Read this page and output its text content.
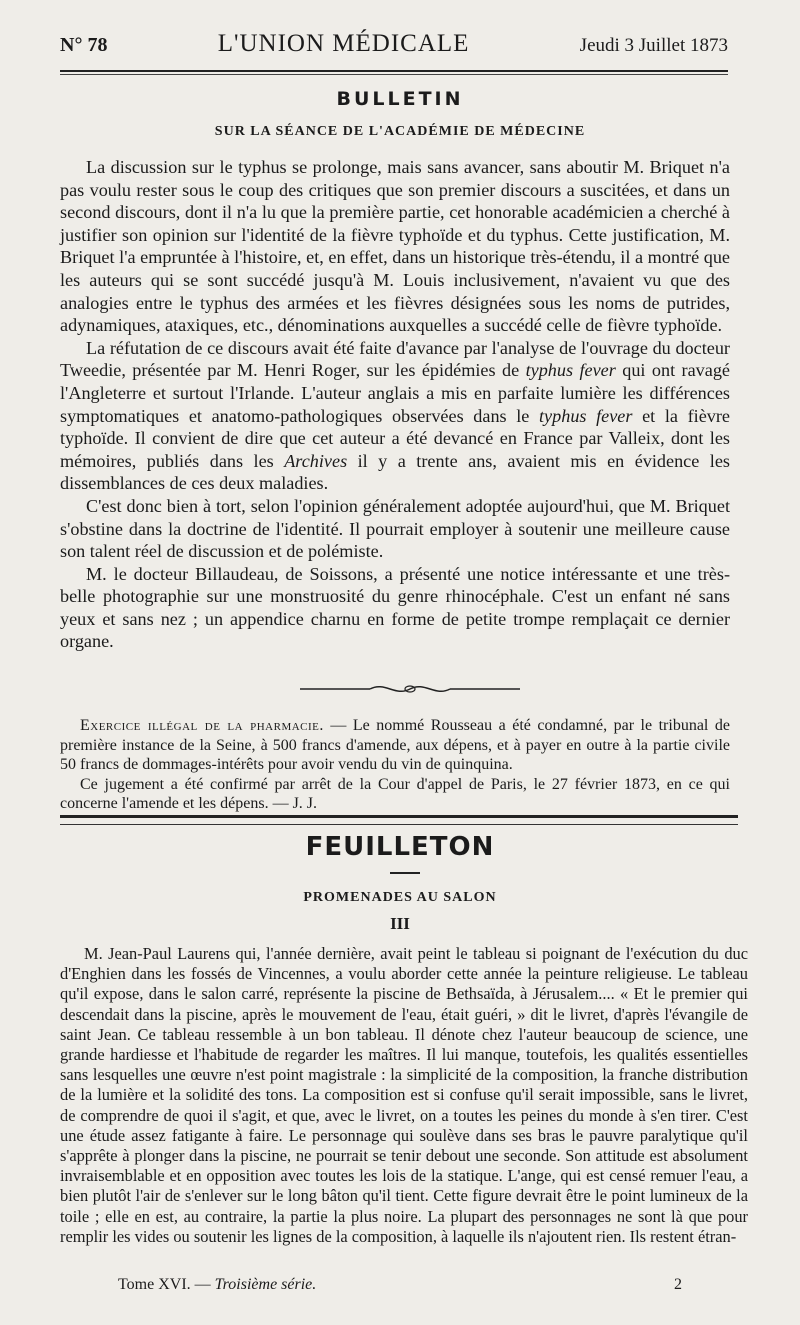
N° 78	L'UNION MÉDICALE	Jeudi 3 Juillet 1873
BULLETIN
SUR LA SÉANCE DE L'ACADÉMIE DE MÉDECINE

La discussion sur le typhus se prolonge, mais sans avancer, sans aboutir M. Briquet n'a pas voulu rester sous le coup des critiques que son premier discours a suscitées, et dans un second discours, dont il n'a lu que la première partie, cet honorable académicien a cherché à justifier son opinion sur l'identité de la fièvre typhoïde et du typhus. Cette justification, M. Briquet l'a empruntée à l'histoire, et, en effet, dans un historique très-étendu, il a montré que les auteurs qui se sont succédé jusqu'à M. Louis inclusivement, n'avaient vu que des analogies entre le typhus des armées et les fièvres désignées sous les noms de putrides, adynamiques, ataxiques, etc., dénominations auxquelles a succédé celle de fièvre typhoïde.

La réfutation de ce discours avait été faite d'avance par l'analyse de l'ouvrage du docteur Tweedie, présentée par M. Henri Roger, sur les épidémies de typhus fever qui ont ravagé l'Angleterre et surtout l'Irlande. L'auteur anglais a mis en parfaite lumière les différences symptomatiques et anatomo-pathologiques observées dans le typhus fever et la fièvre typhoïde. Il convient de dire que cet auteur a été devancé en France par Valleix, dont les mémoires, publiés dans les Archives il y a trente ans, avaient mis en évidence les dissemblances de ces deux maladies.

C'est donc bien à tort, selon l'opinion généralement adoptée aujourd'hui, que M. Briquet s'obstine dans la doctrine de l'identité. Il pourrait employer à soutenir une meilleure cause son talent réel de discussion et de polémiste.

M. le docteur Billaudeau, de Soissons, a présenté une notice intéressante et une très-belle photographie sur une monstruosité du genre rhinocéphale. C'est un enfant né sans yeux et sans nez ; un appendice charnu en forme de petite trompe remplaçait ce dernier organe.

Exercice illégal de la pharmacie. — Le nommé Rousseau a été condamné, par le tribunal de première instance de la Seine, à 500 francs d'amende, aux dépens, et à payer en outre à la partie civile 50 francs de dommages-intérêts pour avoir vendu du vin de quinquina.

Ce jugement a été confirmé par arrêt de la Cour d'appel de Paris, le 27 février 1873, en ce qui concerne l'amende et les dépens. — J. J.

FEUILLETON
PROMENADES AU SALON
III

M. Jean-Paul Laurens qui, l'année dernière, avait peint le tableau si poignant de l'exécution du duc d'Enghien dans les fossés de Vincennes, a voulu aborder cette année la peinture religieuse. Le tableau qu'il expose, dans le salon carré, représente la piscine de Bethsaïda, à Jérusalem.... « Et le premier qui descendait dans la piscine, après le mouvement de l'eau, était guéri, » dit le livret, d'après l'évangile de saint Jean. Ce tableau ressemble à un bon tableau. Il dénote chez l'auteur beaucoup de science, une grande hardiesse et l'habitude de regarder les maîtres. Il lui manque, toutefois, les qualités essentielles sans lesquelles une œuvre n'est point magistrale : la simplicité de la composition, la franche distribution de la lumière et la solidité des tons. La composition est si confuse qu'il serait impossible, sans le livret, de comprendre de quoi il s'agit, et que, avec le livret, on a toutes les peines du monde à s'en tirer. C'est une étude assez fatigante à faire. Le personnage qui soulève dans ses bras le pauvre paralytique qu'il s'apprête à plonger dans la piscine, ne pourrait se tenir debout une seconde. Son attitude est absolument invraisemblable et en opposition avec toutes les lois de la statique. L'ange, qui est censé remuer l'eau, a bien plutôt l'air de s'enlever sur le long bâton qu'il tient. Cette figure devrait être le point lumineux de la toile ; elle en est, au contraire, la partie la plus noire. La plupart des personnages ne sont là que pour remplir les vides ou soutenir les lignes de la composition, à laquelle ils n'ajoutent rien. Ils restent étran-

Tome XVI. — Troisième série.	2
